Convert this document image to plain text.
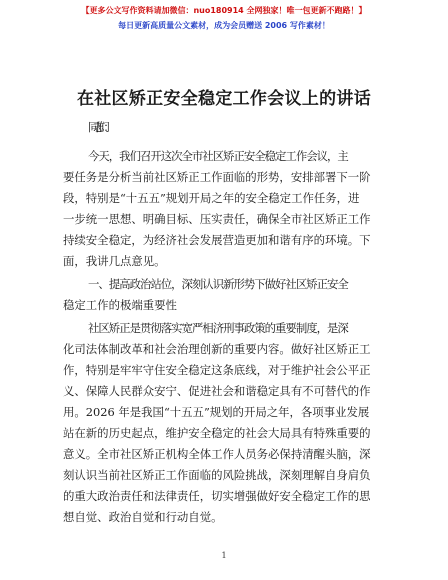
【更多公文写作资料请加微信：nuo180914 全网独家！唯一包更新不跑路！】
每日更新高质量公文素材，成为会员赠送 2006 写作素材！
在社区矫正安全稳定工作会议上的讲话
同志们：
今天，我们召开这次全市社区矫正安全稳定工作会议，主
要任务是分析当前社区矫正工作面临的形势，安排部署下一阶
段，特别是“十五五”规划开局之年的安全稳定工作任务，进
一步统一思想、明确目标、压实责任，确保全市社区矫正工作
持续安全稳定，为经济社会发展营造更加和谐有序的环境。下
面，我讲几点意见。
一、提高政治站位，深刻认识新形势下做好社区矫正安全
稳定工作的极端重要性
社区矫正是贯彻落实宽严相济刑事政策的重要制度，是深
化司法体制改革和社会治理创新的重要内容。做好社区矫正工
作，特别是牢牢守住安全稳定这条底线，对于维护社会公平正
义、保障人民群众安宁、促进社会和谐稳定具有不可替代的作
用。2026 年是我国“十五五”规划的开局之年，各项事业发展
站在新的历史起点，维护安全稳定的社会大局具有特殊重要的
意义。全市社区矫正机构全体工作人员务必保持清醒头脑，深
刻认识当前社区矫正工作面临的风险挑战，深刻理解自身肩负
的重大政治责任和法律责任，切实增强做好安全稳定工作的思
想自觉、政治自觉和行动自觉。
1
